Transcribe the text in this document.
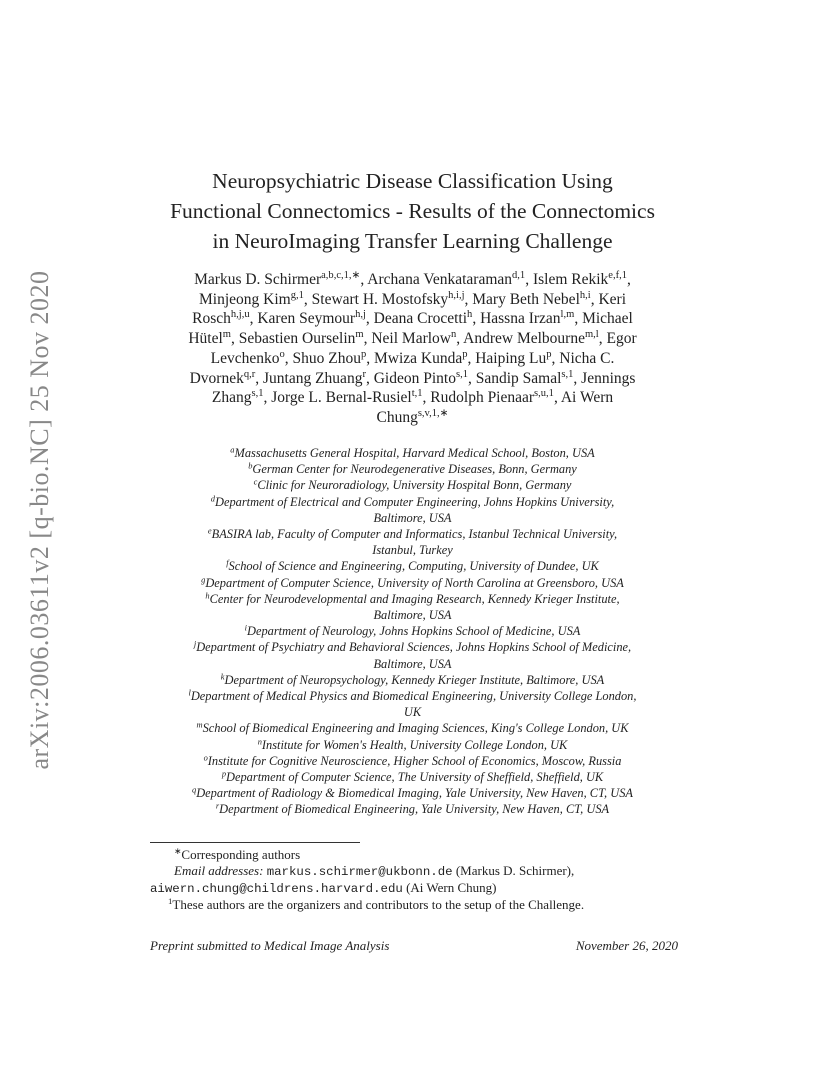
arXiv:2006.03611v2 [q-bio.NC] 25 Nov 2020
Neuropsychiatric Disease Classification Using
Functional Connectomics - Results of the Connectomics
in NeuroImaging Transfer Learning Challenge
Markus D. Schirmer$^{a,b,c,1,∗}$, Archana Venkataraman$^{d,1}$, Islem Rekik$^{e,f,1}$,
Minjeong Kim$^{g,1}$, Stewart H. Mostofsky$^{h,i,j}$, Mary Beth Nebel$^{h,i}$, Keri
Rosch$^{h,j,u}$, Karen Seymour$^{h,j}$, Deana Crocetti$^h$, Hassna Irzan$^{l,m}$, Michael
Hütel$^m$, Sebastien Ourselin$^m$, Neil Marlow$^n$, Andrew Melbourne$^{m,l}$, Egor
Levchenko$^o$, Shuo Zhou$^p$, Mwiza Kunda$^p$, Haiping Lu$^p$, Nicha C.
Dvornek$^{q,r}$, Juntang Zhuang$^r$, Gideon Pinto$^{s,1}$, Sandip Samal$^{s,1}$, Jennings
Zhang$^{s,1}$, Jorge L. Bernal-Rusiel$^{t,1}$, Rudolph Pienaar$^{s,u,1}$, Ai Wern
Chung$^{s,v,1,∗}$
$^a$Massachusetts General Hospital, Harvard Medical School, Boston, USA
$^b$German Center for Neurodegenerative Diseases, Bonn, Germany
$^c$Clinic for Neuroradiology, University Hospital Bonn, Germany
$^d$Department of Electrical and Computer Engineering, Johns Hopkins University,
Baltimore, USA
$^e$BASIRA lab, Faculty of Computer and Informatics, Istanbul Technical University,
Istanbul, Turkey
$^f$School of Science and Engineering, Computing, University of Dundee, UK
$^g$Department of Computer Science, University of North Carolina at Greensboro, USA
$^h$Center for Neurodevelopmental and Imaging Research, Kennedy Krieger Institute,
Baltimore, USA
$^i$Department of Neurology, Johns Hopkins School of Medicine, USA
$^j$Department of Psychiatry and Behavioral Sciences, Johns Hopkins School of Medicine,
Baltimore, USA
$^k$Department of Neuropsychology, Kennedy Krieger Institute, Baltimore, USA
$^l$Department of Medical Physics and Biomedical Engineering, University College London,
UK
$^m$School of Biomedical Engineering and Imaging Sciences, King's College London, UK
$^n$Institute for Women's Health, University College London, UK
$^o$Institute for Cognitive Neuroscience, Higher School of Economics, Moscow, Russia
$^p$Department of Computer Science, The University of Sheffield, Sheffield, UK
$^q$Department of Radiology & Biomedical Imaging, Yale University, New Haven, CT, USA
$^r$Department of Biomedical Engineering, Yale University, New Haven, CT, USA
∗Corresponding authors
Email addresses: markus.schirmer@ukbonn.de (Markus D. Schirmer),
aiwern.chung@childrens.harvard.edu (Ai Wern Chung)
$^1$These authors are the organizers and contributors to the setup of the Challenge.
Preprint submitted to Medical Image Analysis	November 26, 2020
